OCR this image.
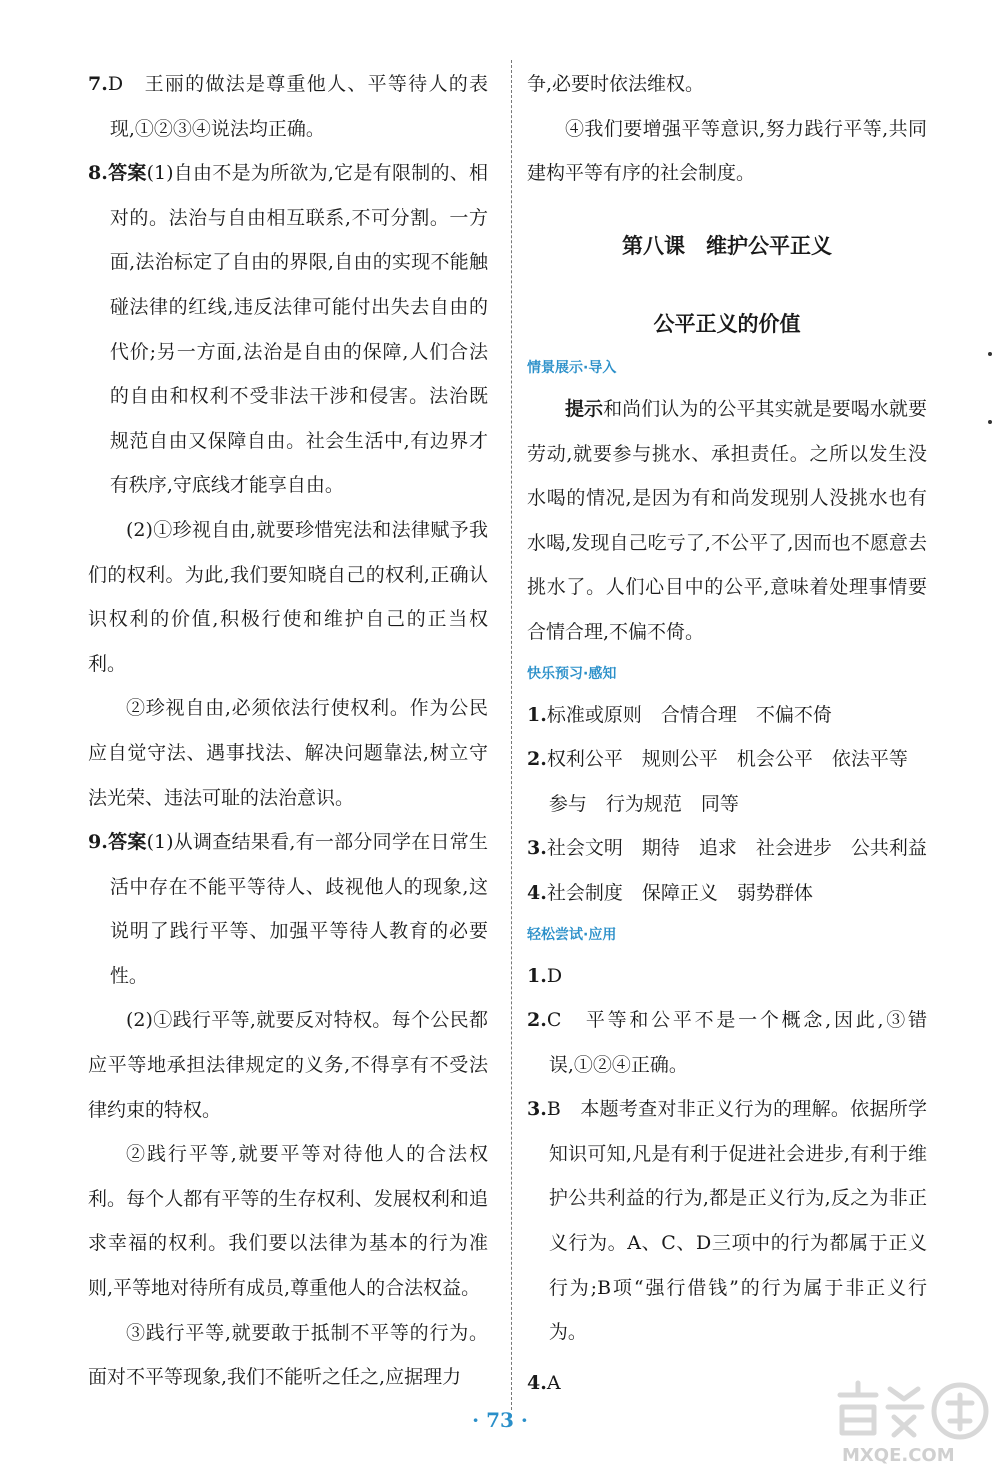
7.D　王丽的做法是尊重他人、平等待人的表现,①②③④说法均正确。

8.答案(1)自由不是为所欲为,它是有限制的、相对的。法治与自由相互联系,不可分割。一方面,法治标定了自由的界限,自由的实现不能触碰法律的红线,违反法律可能付出失去自由的代价;另一方面,法治是自由的保障,人们合法的自由和权利不受非法干涉和侵害。法治既规范自由又保障自由。社会生活中,有边界才有秩序,守底线才能享自由。

(2)①珍视自由,就要珍惜宪法和法律赋予我们的权利。为此,我们要知晓自己的权利,正确认识权利的价值,积极行使和维护自己的正当权利。

②珍视自由,必须依法行使权利。作为公民应自觉守法、遇事找法、解决问题靠法,树立守法光荣、违法可耻的法治意识。

9.答案(1)从调查结果看,有一部分同学在日常生活中存在不能平等待人、歧视他人的现象,这说明了践行平等、加强平等待人教育的必要性。

(2)①践行平等,就要反对特权。每个公民都应平等地承担法律规定的义务,不得享有不受法律约束的特权。

②践行平等,就要平等对待他人的合法权利。每个人都有平等的生存权利、发展权利和追求幸福的权利。我们要以法律为基本的行为准则,平等地对待所有成员,尊重他人的合法权益。

③践行平等,就要敢于抵制不平等的行为。面对不平等现象,我们不能听之任之,应据理力

争,必要时依法维权。

④我们要增强平等意识,努力践行平等,共同建构平等有序的社会制度。

第八课　维护公平正义
公平正义的价值
情景展示·导入

提示和尚们认为的公平其实就是要喝水就要劳动,就要参与挑水、承担责任。之所以发生没水喝的情况,是因为有和尚发现别人没挑水也有水喝,发现自己吃亏了,不公平了,因而也不愿意去挑水了。人们心目中的公平,意味着处理事情要合情合理,不偏不倚。

快乐预习·感知

1.标准或原则　合情合理　不偏不倚

2.权利公平　规则公平　机会公平　依法平等

参与　行为规范　同等

3.社会文明　期待　追求　社会进步　公共利益

4.社会制度　保障正义　弱势群体

轻松尝试·应用

1.D

2.C　平等和公平不是一个概念,因此,③错误,①②④正确。

3.B　本题考查对非正义行为的理解。依据所学知识可知,凡是有利于促进社会进步,有利于维护公共利益的行为,都是正义行为,反之为非正义行为。A、C、D三项中的行为都属于正义行为;B项“强行借钱”的行为属于非正义行为。

4.A

· 73 ·
MXQE.COM
